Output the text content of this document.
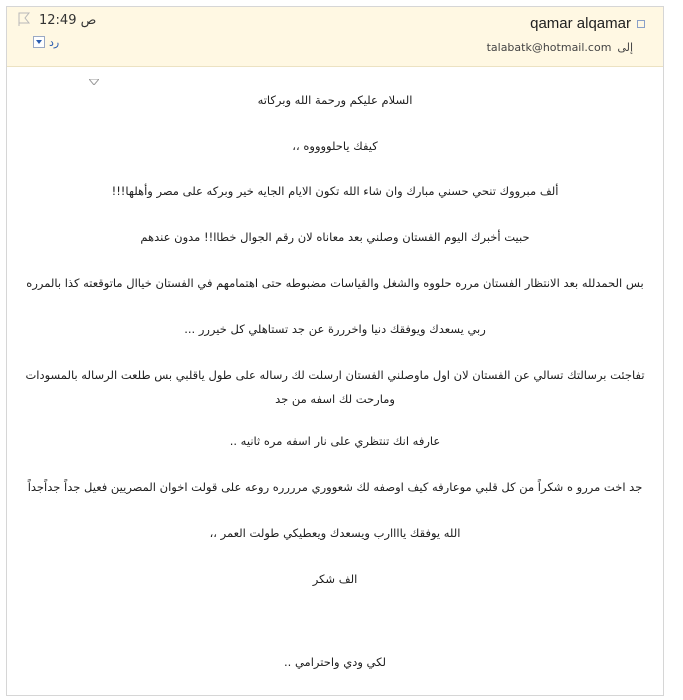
12:49 ص
رد
qamar alqamar
talabatk@hotmail.com إلى
السلام عليكم ورحمة الله وبركاته
كيفك ياحلووووه ،،
ألف مبرووك تنحي حسني مبارك وان شاء الله تكون الايام الجايه خير وبركه على مصر وأهلها!!!
حبيت أخبرك اليوم الفستان وصلني بعد معاناه لان رقم الجوال خطاا!! مدون عندهم
بس الحمدلله بعد الانتظار الفستان مرره حلووه والشغل والقياسات مضبوطه حتى اهتمامهم في الفستان خياال ماتوقعته كذا بالمرره
ربي يسعدك ويوفقك دنيا واخرررة عن جد تستاهلي كل خيررر ...
تفاجئت برسالتك تسالي عن الفستان لان اول ماوصلني الفستان ارسلت لك رساله على طول ياقلبي بس طلعت الرساله بالمسودات ومارحت لك اسفه من جد
عارفه انك تنتظري على نار اسفه مره ثانيه ..
جد اخت مررو ه شكراً من كل قلبي موعارفه كيف اوصفه لك شعووري مرررره روعه على قولت اخوان المصريين فعيل جداً جداًجداً
الله يوفقك ياااارب ويسعدك ويعطيكي طولت العمر ،،
الف شكر
لكي ودي واحترامي ..
